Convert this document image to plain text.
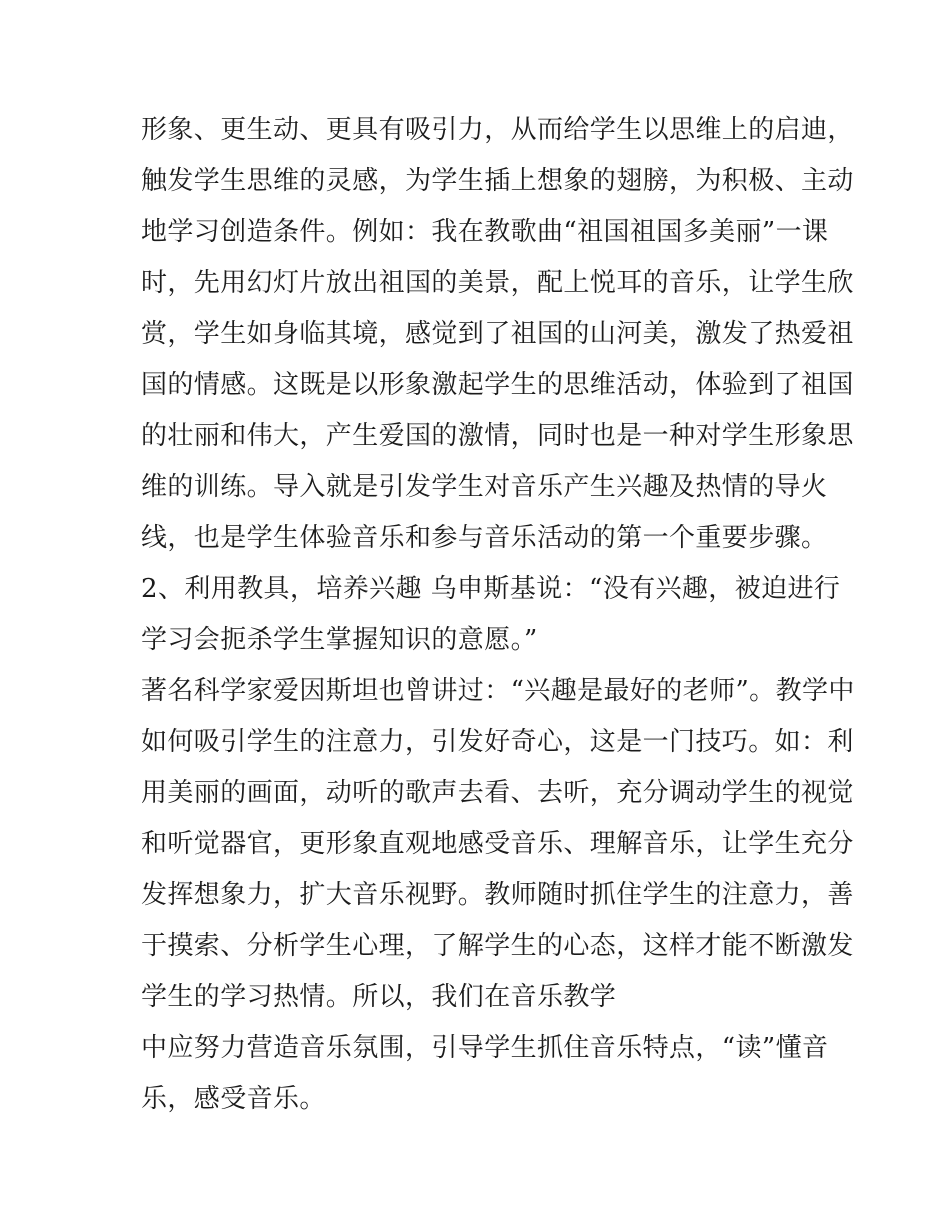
形象、更生动、更具有吸引力，从而给学生以思维上的启迪，
触发学生思维的灵感，为学生插上想象的翅膀，为积极、主动
地学习创造条件。例如：我在教歌曲“祖国祖国多美丽”一课
时，先用幻灯片放出祖国的美景，配上悦耳的音乐，让学生欣
赏，学生如身临其境，感觉到了祖国的山河美，激发了热爱祖
国的情感。这既是以形象激起学生的思维活动，体验到了祖国
的壮丽和伟大，产生爱国的激情，同时也是一种对学生形象思
维的训练。导入就是引发学生对音乐产生兴趣及热情的导火
线，也是学生体验音乐和参与音乐活动的第一个重要步骤。
2、利用教具，培养兴趣 乌申斯基说：“没有兴趣，被迫进行
学习会扼杀学生掌握知识的意愿。”
著名科学家爱因斯坦也曾讲过：“兴趣是最好的老师”。教学中
如何吸引学生的注意力，引发好奇心，这是一门技巧。如：利
用美丽的画面，动听的歌声去看、去听，充分调动学生的视觉
和听觉器官，更形象直观地感受音乐、理解音乐，让学生充分
发挥想象力，扩大音乐视野。教师随时抓住学生的注意力，善
于摸索、分析学生心理，了解学生的心态，这样才能不断激发
学生的学习热情。所以，我们在音乐教学
中应努力营造音乐氛围，引导学生抓住音乐特点，“读”懂音
乐，感受音乐。
